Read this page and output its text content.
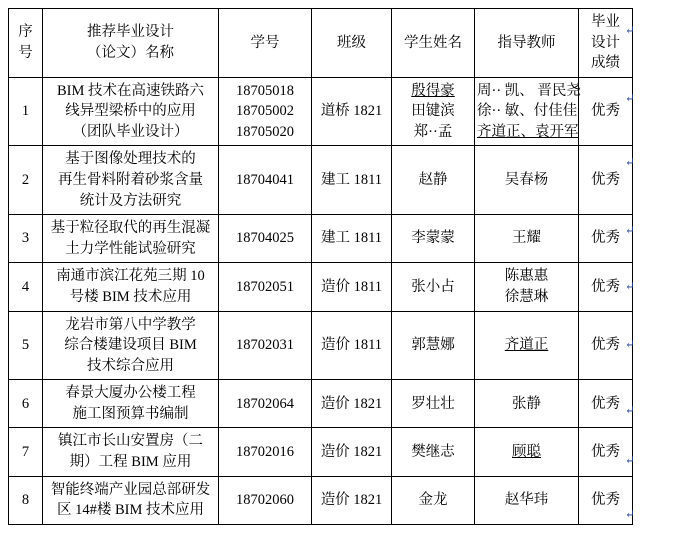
序
号	推荐毕业设计
（论文）名称	学号	班级	学生姓名	指导教师	毕业
设计
成绩

1	BIM 技术在高速铁路六
线异型梁桥中的应用
（团队毕业设计）	18705018
18705002
18705020	道桥 1821	殷得豪
田键滨
郑··孟	周·· 凯、 晋民尧
徐·· 敏、付佳佳
齐道正、袁开军	优秀
2	基于图像处理技术的
再生骨料附着砂浆含量
统计及方法研究	18704041	建工 1811	赵静	吴春杨	优秀
3	基于粒径取代的再生混凝
土力学性能试验研究	18704025	建工 1811	李蒙蒙	王耀	优秀
4	南通市滨江花苑三期 10
号楼 BIM 技术应用	18702051	造价 1811	张小占	陈惠惠
徐慧琳	优秀
5	龙岩市第八中学教学
综合楼建设项目 BIM
技术综合应用	18702031	造价 1811	郭慧娜	齐道正	优秀
6	春景大厦办公楼工程
施工图预算书编制	18702064	造价 1821	罗壮壮	张静	优秀
7	镇江市长山安置房（二
期）工程 BIM 应用	18702016	造价 1821	樊继志	顾聪	优秀
8	智能终端产业园总部研发
区 14#楼 BIM 技术应用	18702060	造价 1821	金龙	赵华玮	优秀
↵
↵
↵
↵
↵
↵
↵
↵
↵
